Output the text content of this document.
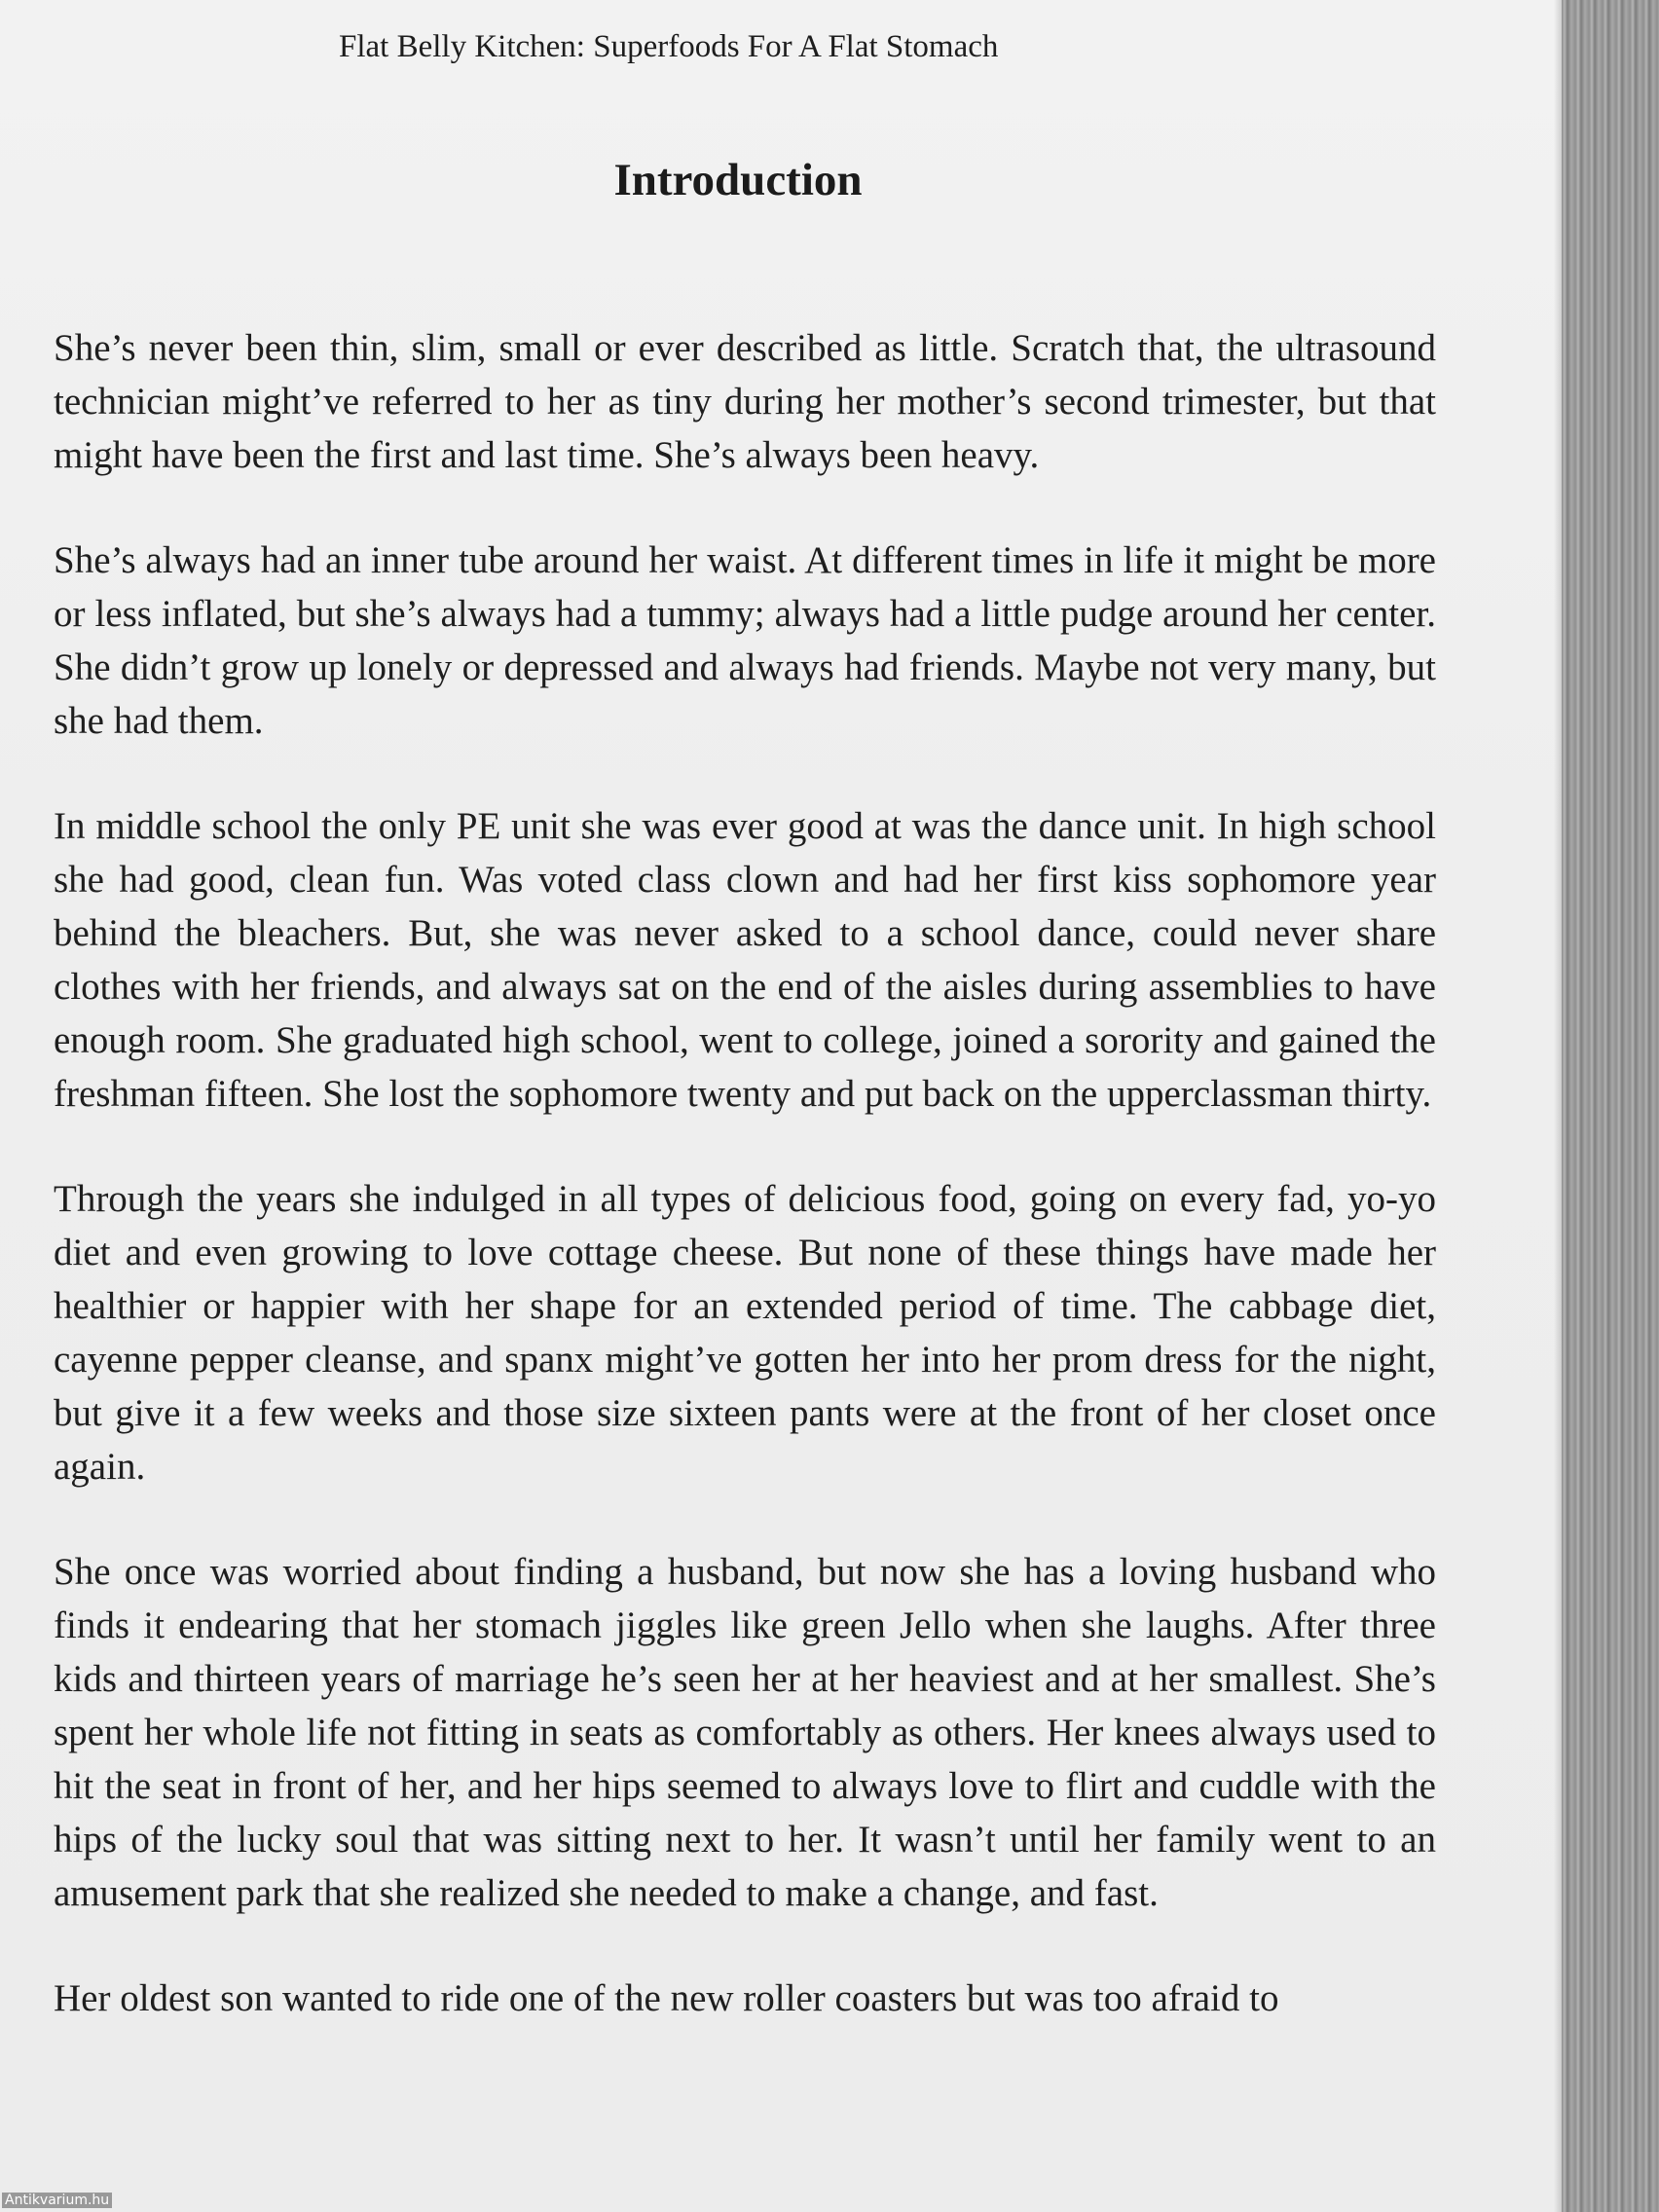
Flat Belly Kitchen: Superfoods For A Flat Stomach
Introduction

She’s never been thin, slim, small or ever described as little. Scratch that, the ultrasound technician might’ve referred to her as tiny during her mother’s second trimester, but that might have been the first and last time. She’s always been heavy.

She’s always had an inner tube around her waist. At different times in life it might be more or less inflated, but she’s always had a tummy; always had a little pudge around her center. She didn’t grow up lonely or depressed and always had friends. Maybe not very many, but she had them.

In middle school the only PE unit she was ever good at was the dance unit. In high school she had good, clean fun. Was voted class clown and had her first kiss sophomore year behind the bleachers. But, she was never asked to a school dance, could never share clothes with her friends, and always sat on the end of the aisles during assemblies to have enough room. She graduated high school, went to college, joined a sorority and gained the freshman fifteen. She lost the sophomore twenty and put back on the upperclassman thirty.

Through the years she indulged in all types of delicious food, going on every fad, yo-yo diet and even growing to love cottage cheese. But none of these things have made her healthier or happier with her shape for an extended period of time. The cabbage diet, cayenne pepper cleanse, and spanx might’ve gotten her into her prom dress for the night, but give it a few weeks and those size sixteen pants were at the front of her closet once again.

She once was worried about finding a husband, but now she has a loving husband who finds it endearing that her stomach jiggles like green Jello when she laughs. After three kids and thirteen years of marriage he’s seen her at her heaviest and at her smallest. She’s spent her whole life not fitting in seats as comfortably as others. Her knees always used to hit the seat in front of her, and her hips seemed to always love to flirt and cuddle with the hips of the lucky soul that was sitting next to her. It wasn’t until her family went to an amusement park that she realized she needed to make a change, and fast.

Her oldest son wanted to ride one of the new roller coasters but was too afraid to

Antikvarium.hu
